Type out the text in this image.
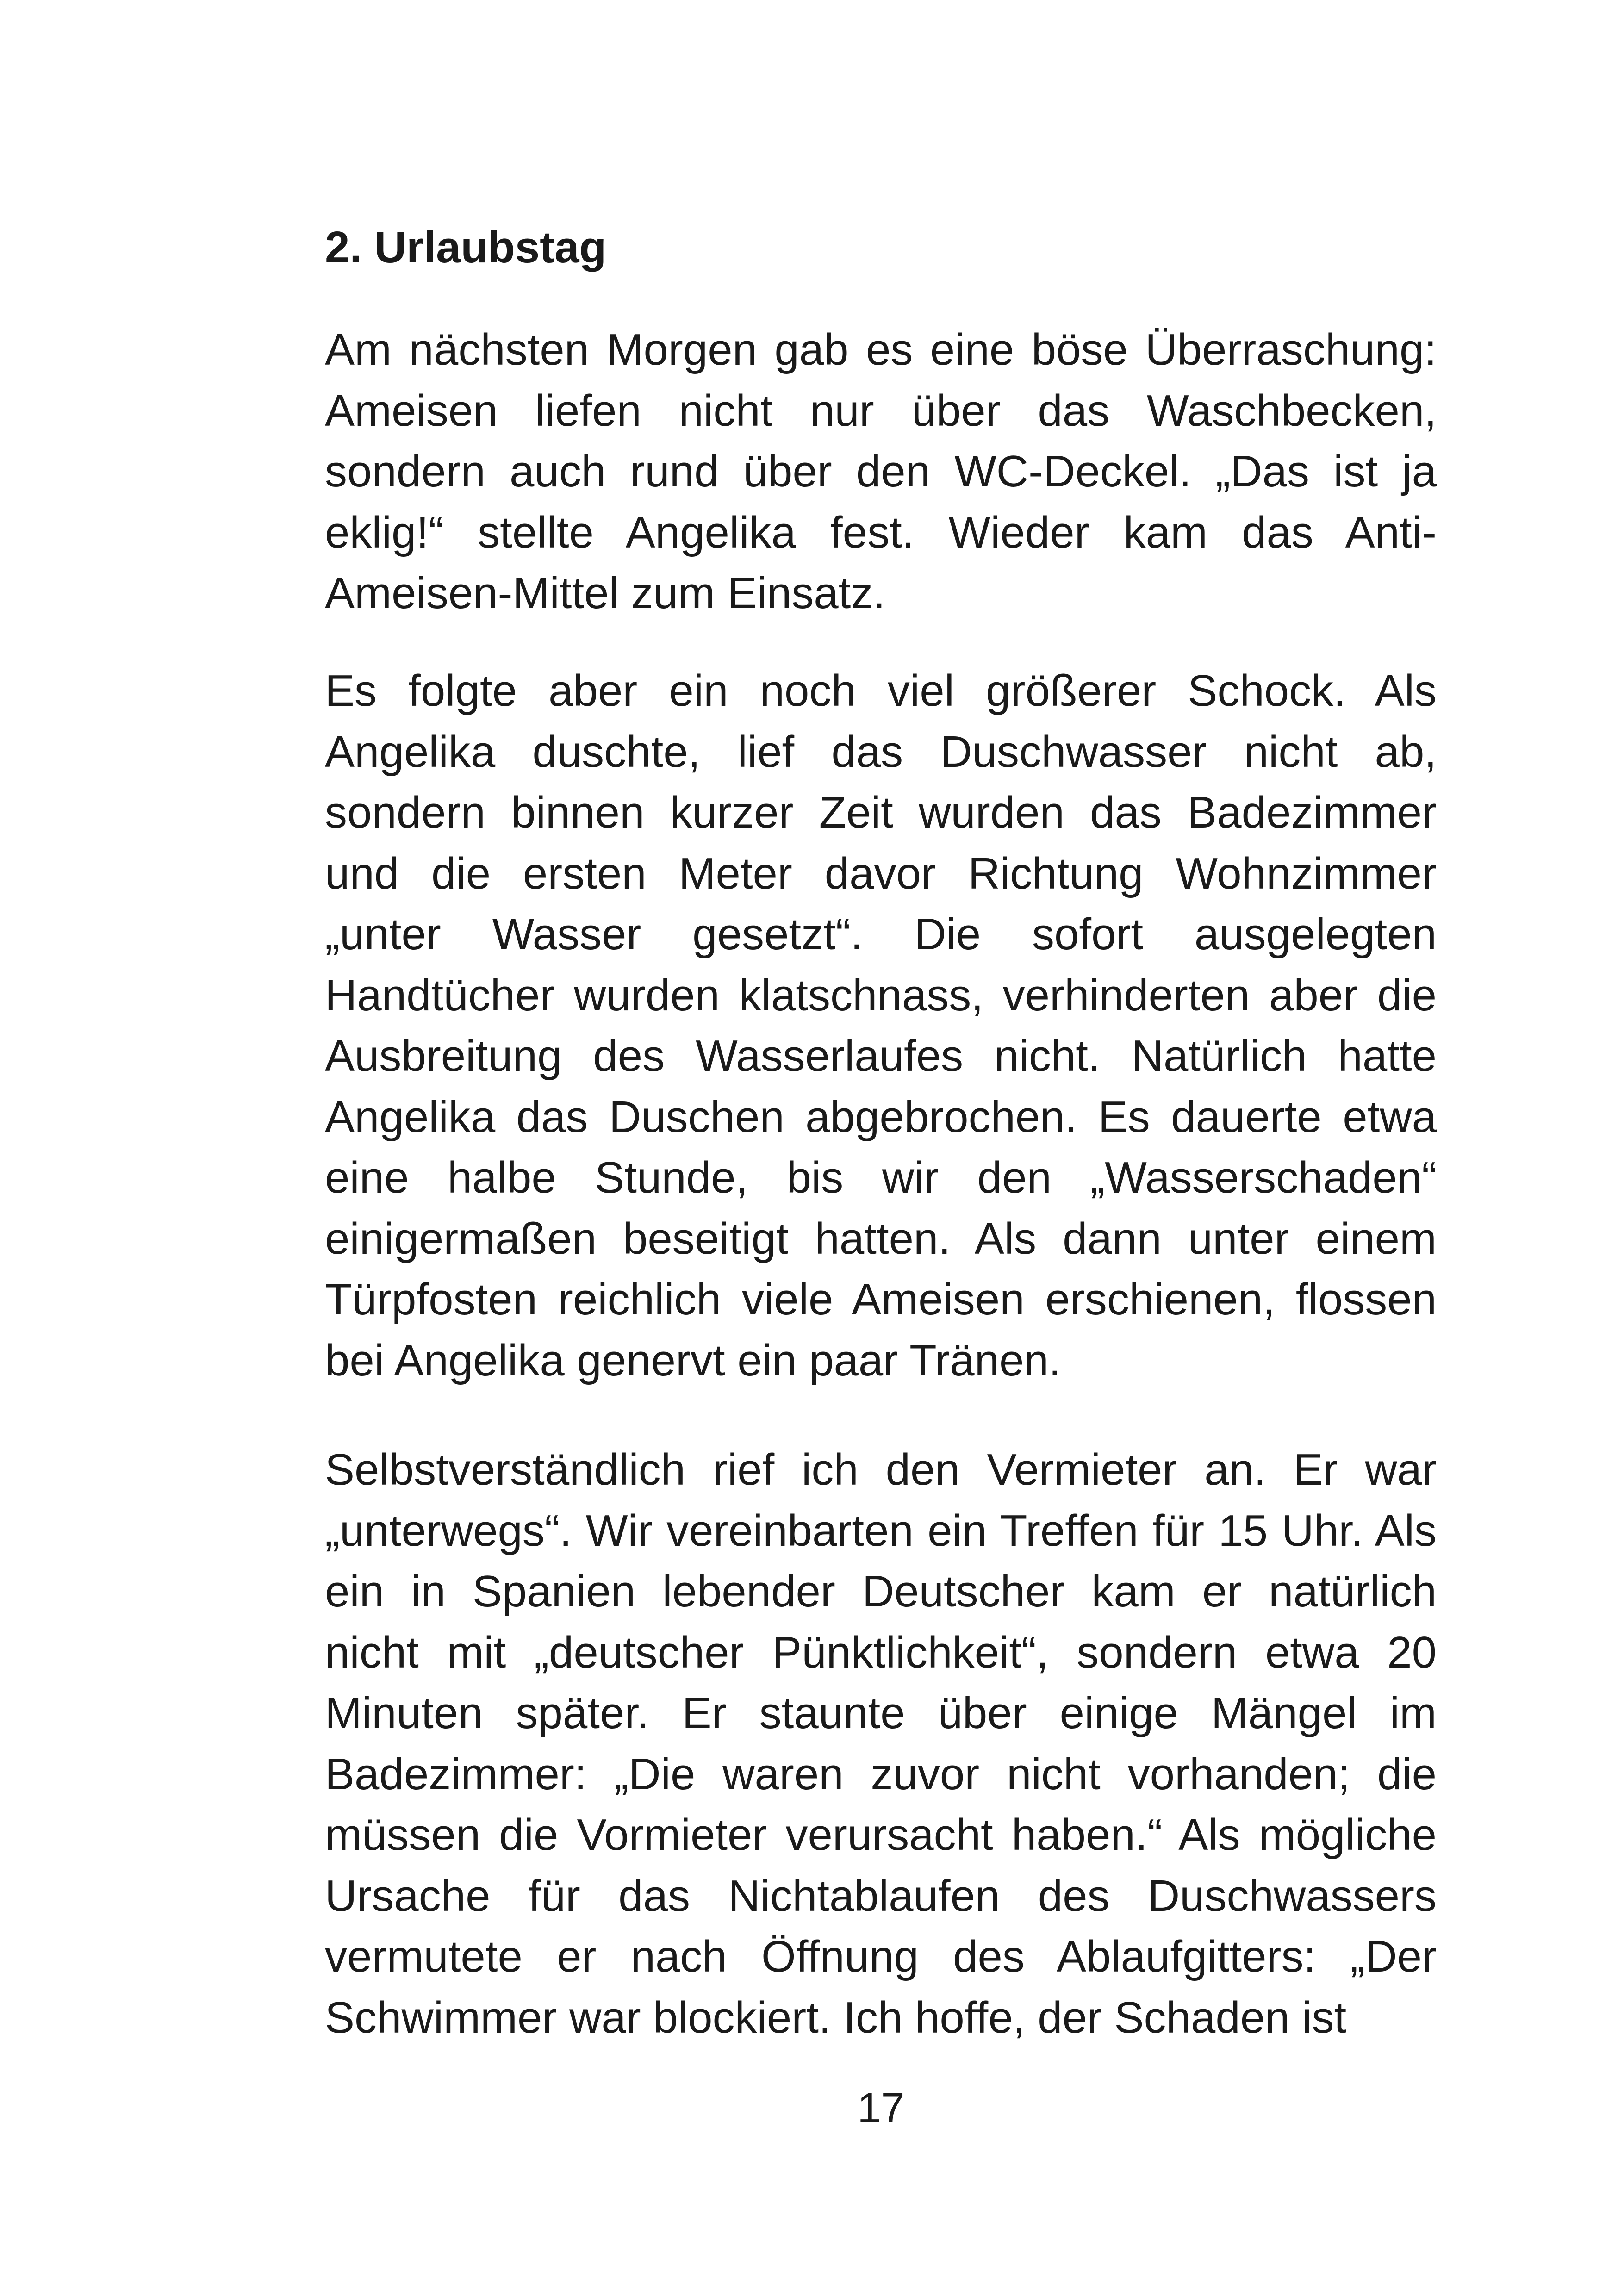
2. Urlaubstag

Am nächsten Morgen gab es eine böse Überraschung: Ameisen liefen nicht nur über das Waschbecken, sondern auch rund über den WC-Deckel. „Das ist ja eklig!“ stellte Angelika fest. Wieder kam das Anti-Ameisen-Mittel zum Einsatz.

Es folgte aber ein noch viel größerer Schock. Als Angelika duschte, lief das Duschwasser nicht ab, sondern binnen kurzer Zeit wurden das Badezimmer und die ersten Meter davor Richtung Wohnzimmer „unter Wasser gesetzt“. Die sofort ausgelegten Handtücher wurden klatschnass, verhinderten aber die Ausbreitung des Wasserlaufes nicht. Natürlich hatte Angelika das Duschen abgebrochen. Es dauerte etwa eine halbe Stunde, bis wir den „Wasserschaden“ einigermaßen beseitigt hatten. Als dann unter einem Türpfosten reichlich viele Ameisen erschienen, flossen bei Angelika genervt ein paar Tränen.

Selbstverständlich rief ich den Vermieter an. Er war „unterwegs“. Wir vereinbarten ein Treffen für 15 Uhr. Als ein in Spanien lebender Deutscher kam er natürlich nicht mit „deutscher Pünktlichkeit“, sondern etwa 20 Minuten später. Er staunte über einige Mängel im Badezimmer: „Die waren zuvor nicht vorhanden; die müssen die Vormieter verursacht haben.“ Als mögliche Ursache für das Nichtablaufen des Duschwassers vermutete er nach Öffnung des Ablaufgitters: „Der Schwimmer war blockiert. Ich hoffe, der Schaden ist

17
